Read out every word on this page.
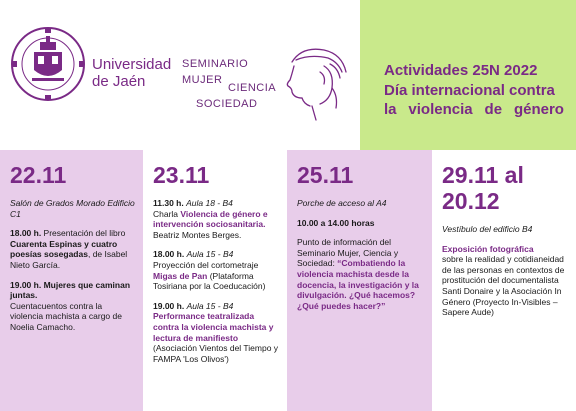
Universidad
de Jaén
SEMINARIO
MUJER
CIENCIA
SOCIEDAD
Actividades 25N 2022
Día internacional contra
la violencia de género
22.11
Salón de Grados Morado Edificio C1
18.00 h. Presentación del libro Cuarenta Espinas y cuatro poesías sosegadas, de Isabel Nieto García.
19.00 h. Mujeres que caminan juntas.
Cuentacuentos contra la violencia machista a cargo de Noelia Camacho.
23.11
11.30 h. Aula 18 - B4
Charla Violencia de género e intervención sociosanitaria.
Beatriz Montes Berges.
18.00 h. Aula 15 - B4
Proyección del cortometraje Migas de Pan (Plataforma Tosiriana por la Coeducación)
19.00 h. Aula 15 - B4
Performance teatralizada contra la violencia machista y lectura de manifiesto
(Asociación Vientos del Tiempo y FAMPA 'Los Olivos')
25.11
Porche de acceso al A4
10.00 a 14.00 horas
Punto de información del Seminario Mujer, Ciencia y Sociedad: “Combatiendo la violencia machista desde la docencia, la investigación y la divulgación. ¿Qué hacemos? ¿Qué puedes hacer?”
29.11 al
20.12
Vestíbulo del edificio B4
Exposición fotográfica
sobre la realidad y cotidianeidad de las personas en contextos de prostitución del documentalista Santi Donaire y la Asociación In Género (Proyecto In-Visibles – Sapere Aude)
